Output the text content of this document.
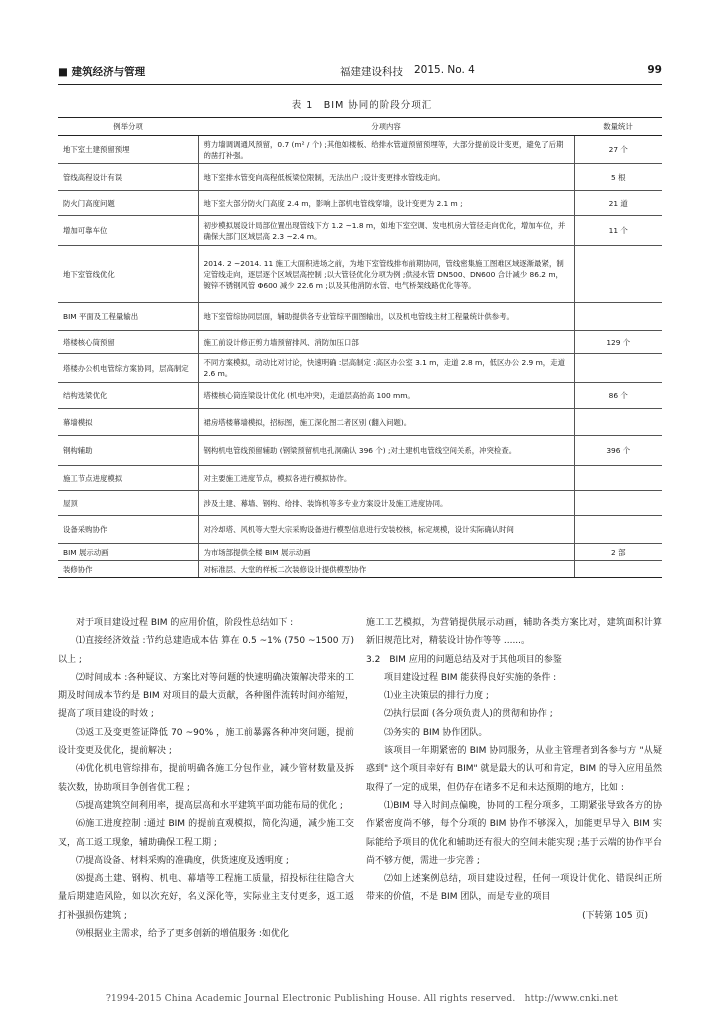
■ 建筑经济与管理	福建建设科技 2015. No. 4	99
表 1　BIM 协同的阶段分项汇
例举分项	分项内容	数量统计
地下室土建预留预埋	剪力墙调调通风预留，0.7 (m² / 个) ;其他如楼板、给排水管道预留预埋等，大部分提前设计变更，避免了后期的凿打补强。	27 个
管线高程设计有误	地下室排水管变向高程低板梁位限制，无法出户 ;设计变更排水管线走向。	5 根
防火门高度问题	地下室大部分防火门高度 2.4 m，影响上部机电管线穿墙，设计变更为 2.1 m ;	21 道
增加可靠车位	初步模拟展设计局部位置出现管线下方 1.2 ~1.8 m，如地下室空调、发电机房大管径走向优化，增加车位，并确保大部门区域层高 2.3 ~2.4 m。	11 个
地下室管线优化	2014. 2 ~2014. 11 施工大面积进场之前，为地下室管线排布前期协同，管线密集施工图难区域逐渐最紧，制定管线走向，逐层逐个区域层高控制 ;以大管径优化分项为例 ;供浸水管 DN500、DN600 合计减少 86.2 m，镀锌不锈钢风管 Φ600 减少 22.6 m ;以及其他消防水管、电气桥架线路优化等等。	
BIM 平面及工程量输出	地下室管综协同层面，辅助提供各专业管综平面图输出，以及机电管线主材工程量统计供参考。	
塔楼核心筒预留	施工前设计修正剪力墙预留排风、消防加压口部	129 个
塔楼办公机电管综方案协同，层高制定	不同方案模拟，动动比对讨论，快速明确 :层高制定 :高区办公室 3.1 m，走道 2.8 m，低区办公 2.9 m，走道 2.6 m。	
结构选梁优化	塔楼核心筒连梁设计优化 (机电冲突)，走道层高抬高 100 mm。	86 个
幕墙模拟	裙房塔楼幕墙模拟，招标图，施工深化图二者区别 (翻入问题)。	
钢构辅助	钢构机电管线预留辅助 (钢梁预留机电孔洞确认 396 个) ;对土建机电管线空间关系，冲突检查。	396 个
施工节点进度模拟	对主要施工进度节点，模拟各进行模拟协作。	
屋顶	涉及土建、幕墙、钢构、给排、装饰机等多专业方案设计及施工进度协同。	
设备采购协作	对冷却塔、风机等大型大宗采购设备进行模型信息进行安装校核，标定规模，设计实际确认时间	
BIM 展示动画	为市场部提供全楼 BIM 展示动画	2 部
装修协作	对标准层、大堂的样板二次装修设计提供模型协作	

对于项目建设过程 BIM 的应用价值，阶段性总结如下 :

⑴直接经济效益 :节约总建造成本估 算在 0.5 ~1% (750 ~1500 万)以上 ;

⑵时间成本 :各种疑议、方案比对等问题的快速明确决策解决带来的工期及时间成本节约是 BIM 对项目的最大贡献，各种图件流转时间亦缩短，提高了项目建设的时效 ;

⑶返工及变更签证降低 70 ~90% ，施工前暴露各种冲突问题，提前设计变更及优化，提前解决 ;

⑷优化机电管综排布，提前明确各施工分包作业，减少管材数量及拆装次数，协助项目争创省优工程 ;

⑸提高建筑空间利用率，提高层高和水平建筑平面功能布局的优化 ;

⑹施工进度控制 :通过 BIM 的提前直观模拟，简化沟通，减少施工交叉，高工返工现象，辅助确保工程工期 ;

⑺提高设备、材料采购的准确度，供货速度及透明度 ;

⑻提高土建、钢构、机电、幕墙等工程施工质量，招投标往往隐含大量后期建造风险，如以次充好，名义深化等，实际业主支付更多，返工返打补强损伤建筑 ;

⑼根据业主需求，给予了更多创新的增值服务 :如优化

施工工艺模拟，为营销提供展示动画，辅助各类方案比对，建筑面积计算新旧规范比对，精装设计协作等等 ......。

3.2　BIM 应用的问题总结及对于其他项目的参鉴

项目建设过程 BIM 能获得良好实施的条件 :

⑴业主决策层的排行力度 ;

⑵执行层面 (各分项负责人)的贯彻和协作 ;

⑶务实的 BIM 协作团队。

该项目一年期紧密的 BIM 协同服务，从业主管理者到各参与方 "从疑惑到" 这个项目幸好有 BIM" 就是最大的认可和肯定，BIM 的导入应用虽然取得了一定的成果，但仍存在诸多不足和未达预期的地方，比如 :

⑴BIM 导入时间点偏晚，协同的工程分项多，工期紧张导致各方的协作紧密度尚不够，每个分项的 BIM 协作不够深入，加能更早导入 BIM 实际能给予项目的优化和辅助还有很大的空间未能实现 ;基于云端的协作平台尚不够方便，需进一步完善 ;

⑵如上述案例总结，项目建设过程，任何一项设计优化、错误纠正所带来的价值，不是 BIM 团队，而是专业的项目

(下转第 105 页)

?1994-2015 China Academic Journal Electronic Publishing House. All rights reserved.　http://www.cnki.net
